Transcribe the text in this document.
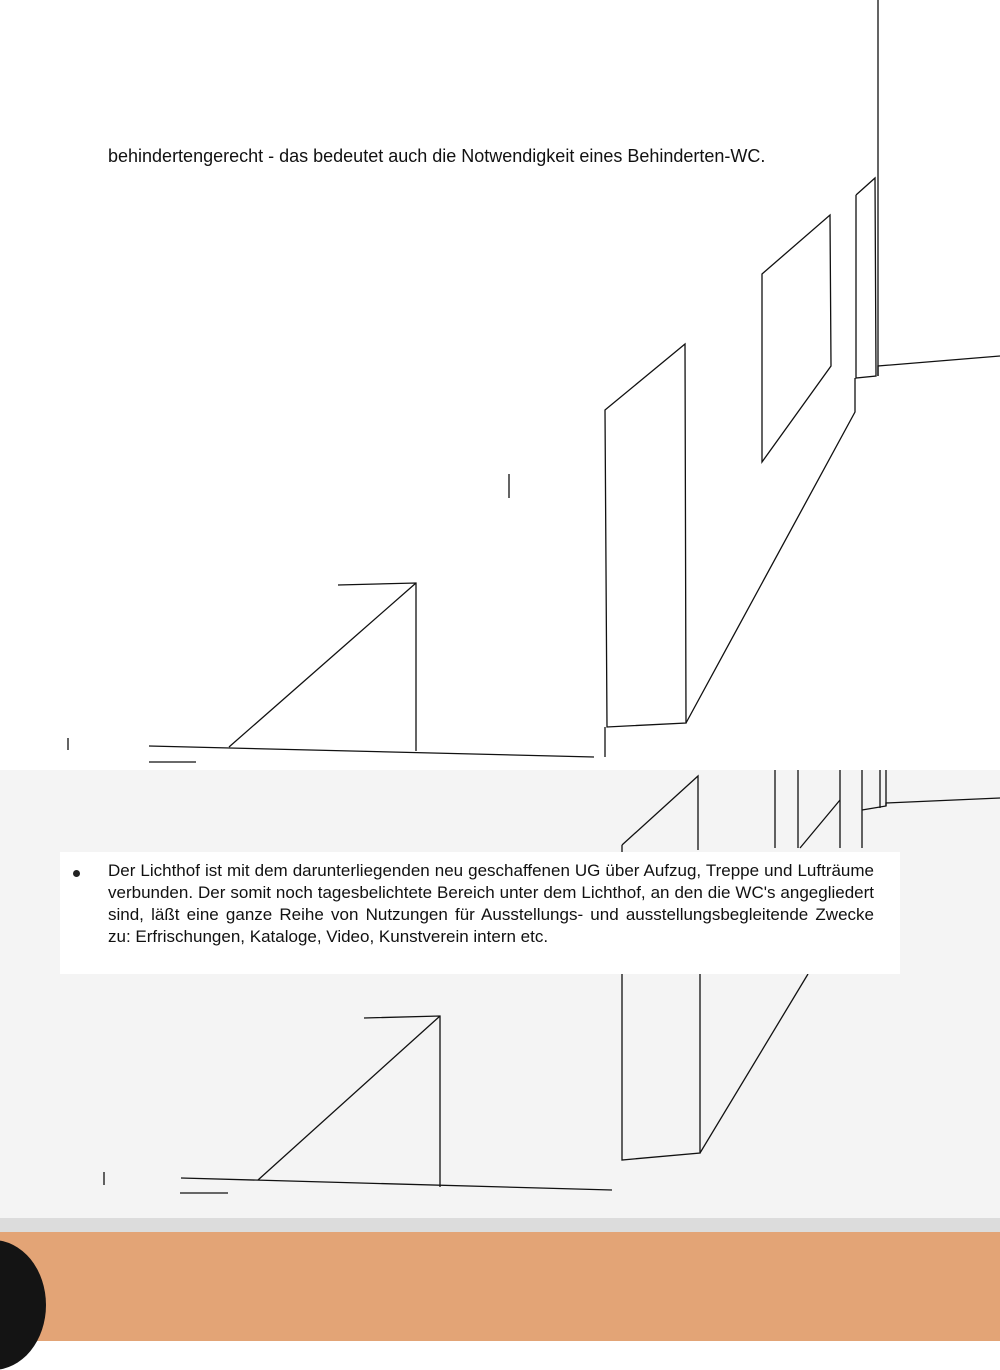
behindertengerecht - das bedeutet auch die Notwendigkeit eines Behinderten-WC.
Der Lichthof ist mit dem darunterliegenden neu geschaffenen UG über Aufzug, Treppe und Lufträume verbunden. Der somit noch tagesbelichtete Bereich unter dem Lichthof, an den die WC's angegliedert sind, läßt eine ganze Reihe von Nutzungen für Ausstellungs- und ausstellungsbegleitende Zwecke zu: Erfrischungen, Kataloge, Video, Kunstverein intern etc.
